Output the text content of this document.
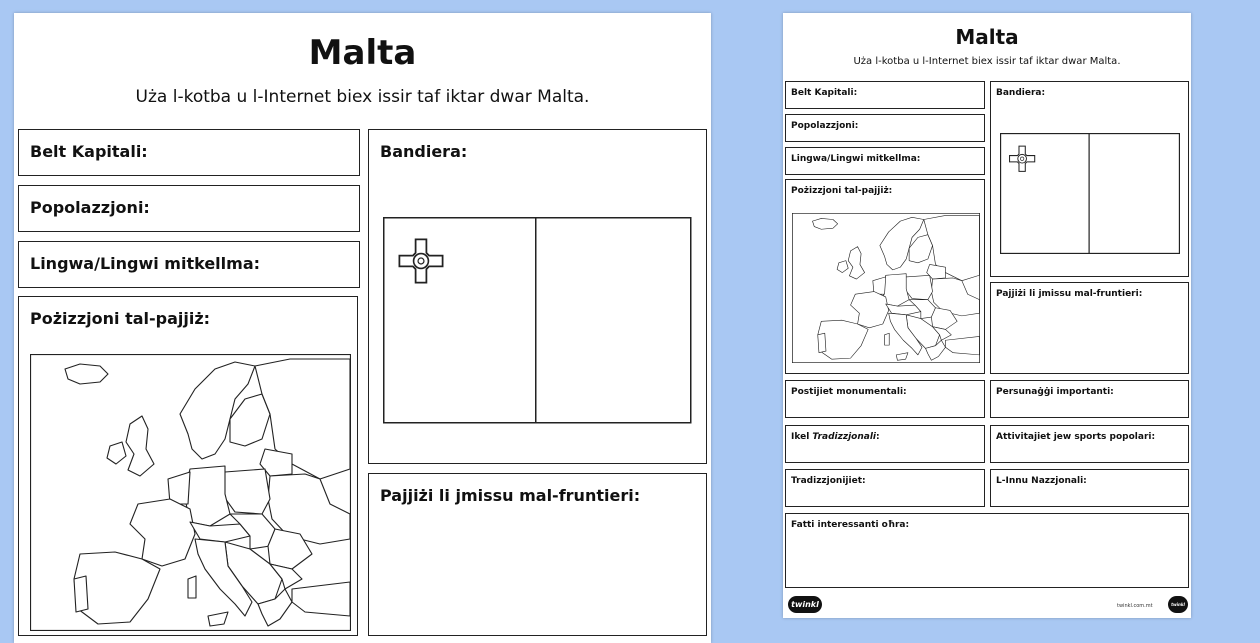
Malta
Uża l-kotba u l-Internet biex issir taf iktar dwar Malta.
Belt Kapitali:
Popolazzjoni:
Lingwa/Lingwi mitkellma:
Pożizzjoni tal-pajjiż:
Bandiera:
Pajjiżi li jmissu mal-fruntieri:
Malta
Uża l-kotba u l-Internet biex issir taf iktar dwar Malta.
Belt Kapitali:
Popolazzjoni:
Lingwa/Lingwi mitkellma:
Pożizzjoni tal-pajjiż:
Bandiera:
Pajjiżi li jmissu mal-fruntieri:
Postijiet monumentali:	Persunaġġi importanti:
Ikel Tradizzjonali:	Attivitajiet jew sports popolari:
Tradizzjonijiet:	L-Innu Nazzjonali:
Fatti interessanti oħra:
twinkl	twinkl.com.mt	twinkl
